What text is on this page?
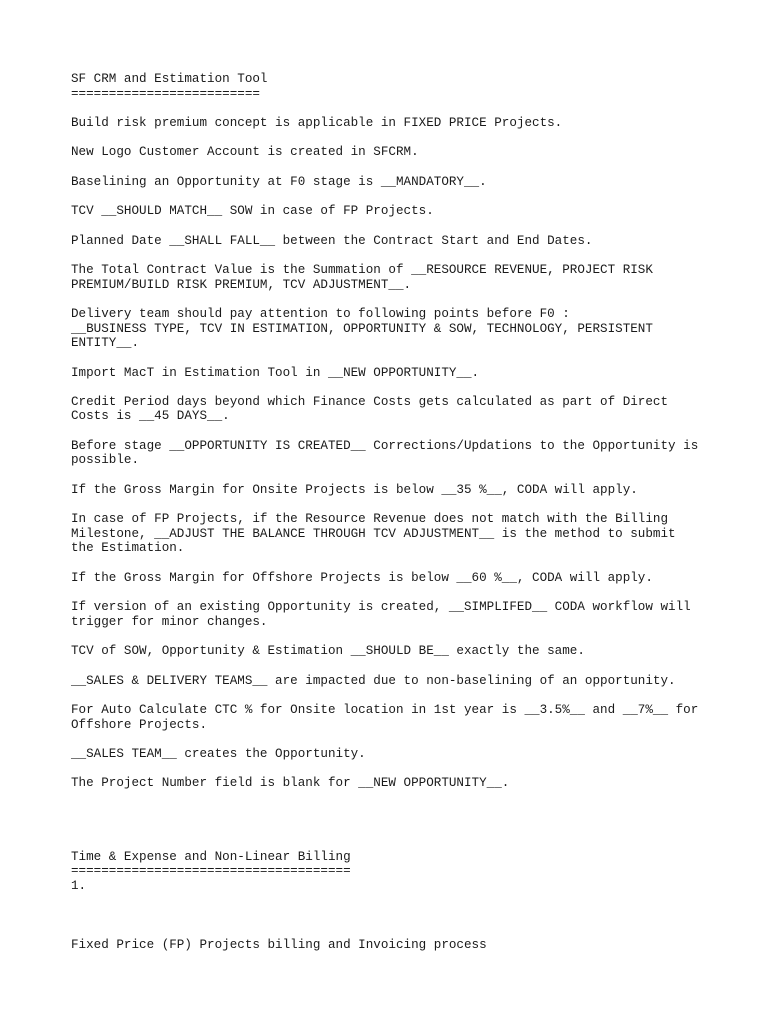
SF CRM and Estimation Tool
=========================
Build risk premium concept is applicable in FIXED PRICE Projects.
New Logo Customer Account is created in SFCRM.
Baselining an Opportunity at F0 stage is __MANDATORY__.
TCV __SHOULD MATCH__ SOW in case of FP Projects.
Planned Date __SHALL FALL__ between the Contract Start and End Dates.
The Total Contract Value is the Summation of __RESOURCE REVENUE, PROJECT RISK
PREMIUM/BUILD RISK PREMIUM, TCV ADJUSTMENT__.
Delivery team should pay attention to following points before F0 :
__BUSINESS TYPE, TCV IN ESTIMATION, OPPORTUNITY & SOW, TECHNOLOGY, PERSISTENT
ENTITY__.
Import MacT in Estimation Tool in __NEW OPPORTUNITY__.
Credit Period days beyond which Finance Costs gets calculated as part of Direct
Costs is __45 DAYS__.
Before stage __OPPORTUNITY IS CREATED__ Corrections/Updations to the Opportunity is
possible.
If the Gross Margin for Onsite Projects is below __35 %__, CODA will apply.
In case of FP Projects, if the Resource Revenue does not match with the Billing
Milestone, __ADJUST THE BALANCE THROUGH TCV ADJUSTMENT__ is the method to submit
the Estimation.
If the Gross Margin for Offshore Projects is below __60 %__, CODA will apply.
If version of an existing Opportunity is created, __SIMPLIFED__ CODA workflow will
trigger for minor changes.
TCV of SOW, Opportunity & Estimation __SHOULD BE__ exactly the same.
__SALES & DELIVERY TEAMS__ are impacted due to non-baselining of an opportunity.
For Auto Calculate CTC % for Onsite location in 1st year is __3.5%__ and __7%__ for
Offshore Projects.
__SALES TEAM__ creates the Opportunity.
The Project Number field is blank for __NEW OPPORTUNITY__.
Time & Expense and Non-Linear Billing
=====================================
1.
Fixed Price (FP) Projects billing and Invoicing process
